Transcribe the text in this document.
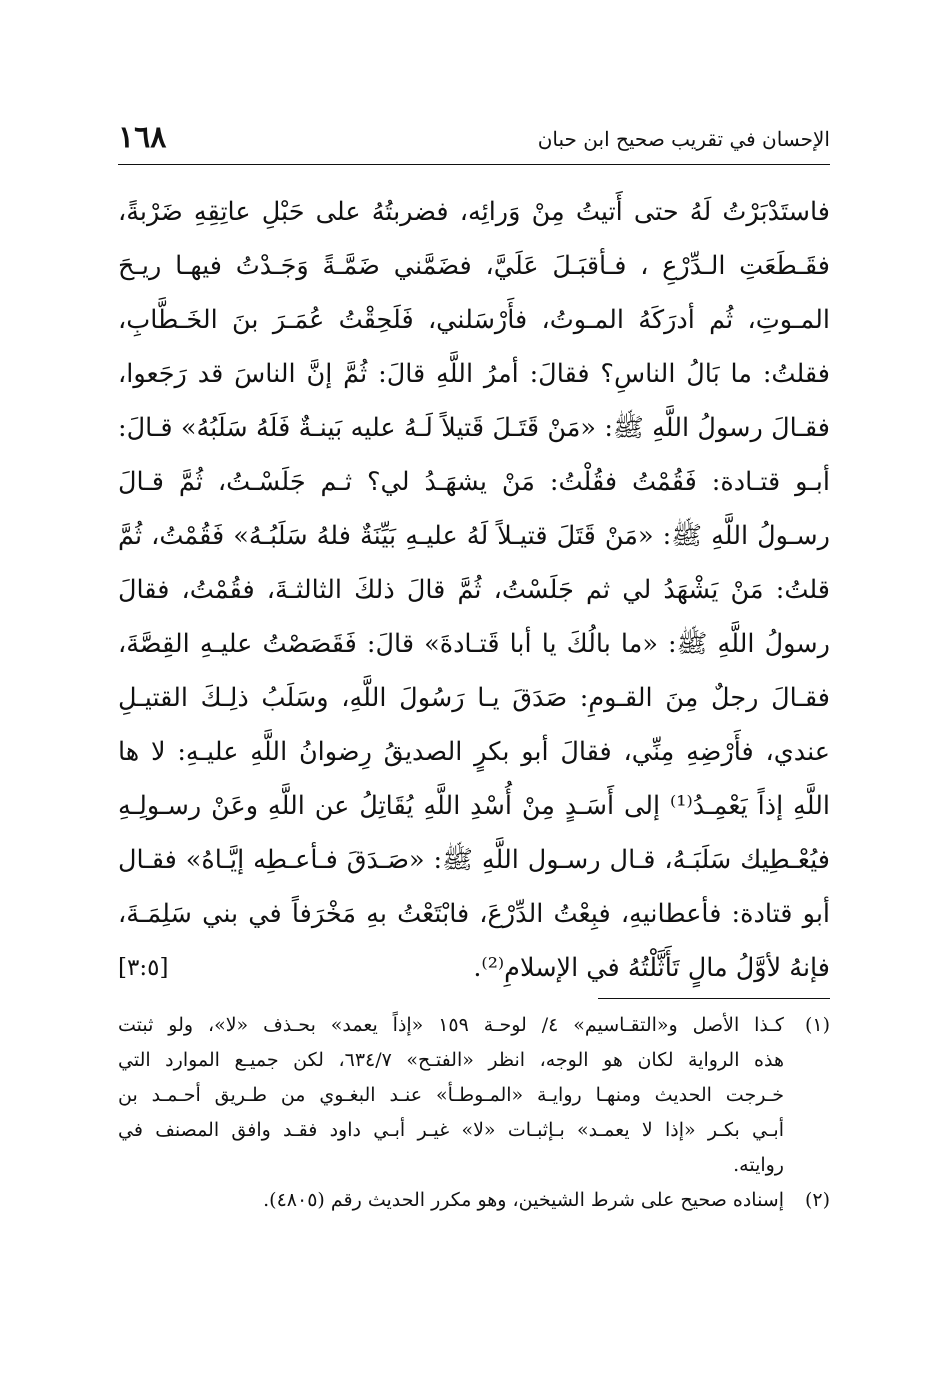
١٦٨	الإحسان في تقريب صحيح ابن حبان
فاستَدْبَرْتُ لَهُ حتى أَتيتُ مِنْ وَرائِه، فضربتُهُ على حَبْلِ عاتِقِهِ ضَرْبةً،
فقَـطَعَتِ الـدِّرْعِ ، فـأقبَـلَ عَلَيَّ، فضَمَّني ضَمَّـةً وَجَـدْتُ فيهـا ريـحَ
المـوتِ، ثُم أدرَكَهُ المـوتُ، فأَرْسَلني، فَلَحِقْتُ عُمَـرَ بنَ الخَـطَّابِ،
فقلتُ: ما بَالُ الناسِ؟ فقالَ: أمرُ اللَّهِ قالَ: ثُمَّ إنَّ الناسَ قد رَجَعوا،
فقـالَ رسولُ اللَّهِ ﷺ: «مَنْ قَتَـلَ قَتيلاً لَـهُ عليه بَينـةٌ فَلَهُ سَلَبُهُ» قـالَ:
أبـو قتـادة: فَقُمْتُ فقُلْتُ: مَنْ يشهَـدُ لي؟ ثـم جَلَسْـتُ، ثُمَّ قـالَ
رسـولُ اللَّهِ ﷺ: «مَنْ قَتَلَ قتيـلاً لَهُ عليـهِ بَيِّنَةٌ فلهُ سَلَبُـهُ» فَقُمْتُ، ثُمَّ
قلتُ: مَنْ يَشْهَدُ لي ثم جَلَسْتُ، ثُمَّ قالَ ذلكَ الثالثـةَ، فقُمْتُ، فقالَ
رسولُ اللَّهِ ﷺ: «ما بالُكَ يا أبا قَتـادةَ» قالَ: فَقَصَصْتُ عليـهِ القِصَّةَ،
فقـالَ رجلٌ مِنَ القـومِ: صَدَقَ يـا رَسُولَ اللَّهِ، وسَلَبُ ذلِـكَ القتيـلِ
عندي، فأَرْضِهِ مِنِّي، فقالَ أبو بكرٍ الصديقُ رِضوانُ اللَّهِ عليـهِ: لا ها
اللَّهِ إذاً يَعْمِـدُ⁽¹⁾ إلى أَسَـدٍ مِنْ أُسْدِ اللَّهِ يُقَاتِلُ عن اللَّهِ وعَنْ رسـولِـهِ
فيُعْـطِيك سَلَبَـهُ، قـال رسـول اللَّهِ ﷺ: «صَـدَقَ فـأعـطِه إيَّـاهُ» فقـال
أبو قتادة: فأعطانيهِ، فبِعْتُ الدِّرْعَ، فابْتَعْتُ بهِ مَخْرَفاً في بني سَلِمَـةَ،
فإنهُ لأوَّلُ مالٍ تَأَثَّلْتُهُ في الإسلامِ⁽²⁾.
[٣:٥]
(١)
كـذا الأصل و«التقـاسيم» ٤/ لوحـة ١٥٩ «إذاً يعمد» بحـذف «لا»، ولو ثبتت
هذه الرواية لكان هو الوجه، انظر «الفتـح» ٦٣٤/٧، لكن جميـع الموارد التي
خـرجت الحديث ومنهـا روايـة «المـوطـأ» عنـد البغـوي من طـريق أحـمـد بن
أبـي بكـر «إذا لا يعمـد» بـإثبـات «لا» غيـر أبـي داود فقـد وافق المصنف في
روايته.
(٢)
إسناده صحيح على شرط الشيخين، وهو مكرر الحديث رقم (٤٨٠٥).
